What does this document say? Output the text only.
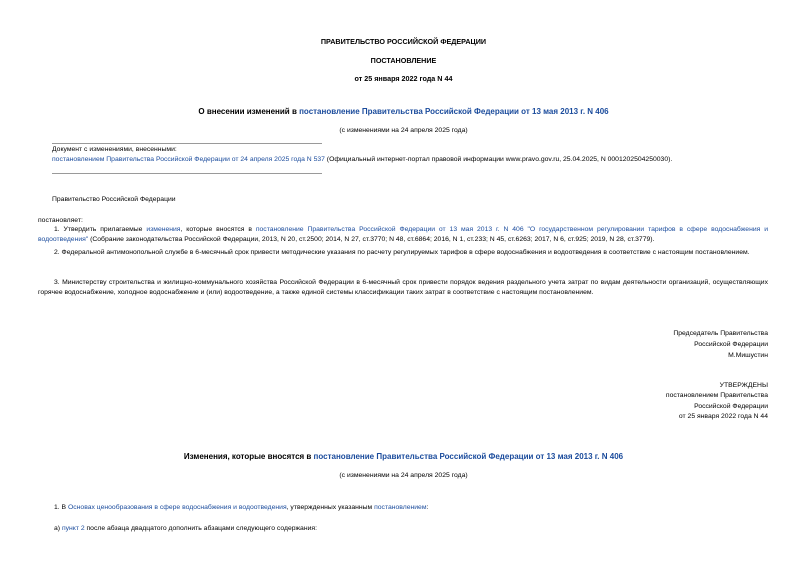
ПРАВИТЕЛЬСТВО РОССИЙСКОЙ ФЕДЕРАЦИИ
ПОСТАНОВЛЕНИЕ
от 25 января 2022 года N 44
О внесении изменений в постановление Правительства Российской Федерации от 13 мая 2013 г. N 406
(с изменениями на 24 апреля 2025 года)
Документ с изменениями, внесенными:
постановлением Правительства Российской Федерации от 24 апреля 2025 года N 537 (Официальный интернет-портал правовой информации www.pravo.gov.ru, 25.04.2025, N 0001202504250030).
Правительство Российской Федерации
постановляет:
1. Утвердить прилагаемые изменения, которые вносятся в постановление Правительства Российской Федерации от 13 мая 2013 г. N 406 "О государственном регулировании тарифов в сфере водоснабжения и водоотведения" (Собрание законодательства Российской Федерации, 2013, N 20, ст.2500; 2014, N 27, ст.3770; N 48, ст.6864; 2016, N 1, ст.233; N 45, ст.6263; 2017, N 6, ст.925; 2019, N 28, ст.3779).
2. Федеральной антимонопольной службе в 6-месячный срок привести методические указания по расчету регулируемых тарифов в сфере водоснабжения и водоотведения в соответствие с настоящим постановлением.
3. Министерству строительства и жилищно-коммунального хозяйства Российской Федерации в 6-месячный срок привести порядок ведения раздельного учета затрат по видам деятельности организаций, осуществляющих горячее водоснабжение, холодное водоснабжение и (или) водоотведение, а также единой системы классификации таких затрат в соответствие с настоящим постановлением.
Председатель Правительства
Российской Федерации
М.Мишустин
УТВЕРЖДЕНЫ
постановлением Правительства
Российской Федерации
от 25 января 2022 года N 44
Изменения, которые вносятся в постановление Правительства Российской Федерации от 13 мая 2013 г. N 406
(с изменениями на 24 апреля 2025 года)
1. В Основах ценообразования в сфере водоснабжения и водоотведения, утвержденных указанным постановлением:
а) пункт 2 после абзаца двадцатого дополнить абзацами следующего содержания:
